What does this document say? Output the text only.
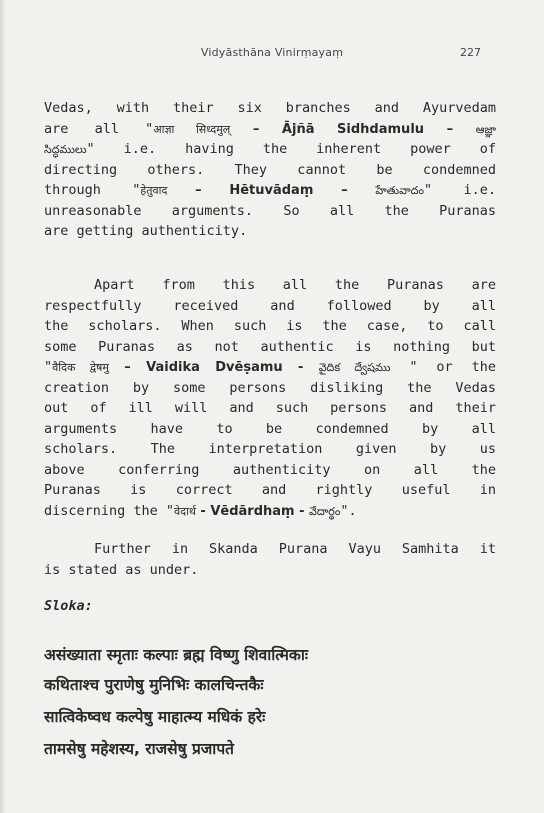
Vidyāsthāna Vinirṃayaṃ	227
Vedas, with their six branches and Ayurvedam
are all "आज्ञा सिध्दमुल् – Ājñā Sidhdamulu – ఆజ్ఞా
సిద్ధములు" i.e. having the inherent power of
directing others. They cannot be condemned
through "हेतुवाद – Hētuvādaṃ – హేతువాదం" i.e.
unreasonable arguments. So all the Puranas
are getting authenticity.
Apart from this all the Puranas are
respectfully received and followed by all
the scholars. When such is the case, to call
some Puranas as not authentic is nothing but
"वैदिक द्वेषमु – Vaidika Dvēṣamu - వైదిక ద్వేషము " or the
creation by some persons disliking the Vedas
out of ill will and such persons and their
arguments have to be condemned by all
scholars. The interpretation given by us
above conferring authenticity on all the
Puranas is correct and rightly useful in
discerning the "वेदार्थ - Vēdārdhaṃ - వేదార్థం".
Further in Skanda Purana Vayu Samhita it
is stated as under.
Sloka:
असंख्याता स्मृताः कल्पाः ब्रह्म विष्णु शिवात्मिकाः
कथिताश्च पुराणेषु मुनिभिः कालचिन्तकैः
सात्विकेष्वध कल्पेषु माहात्म्य मधिकं हरेः
तामसेषु महेशस्य, राजसेषु प्रजापते
